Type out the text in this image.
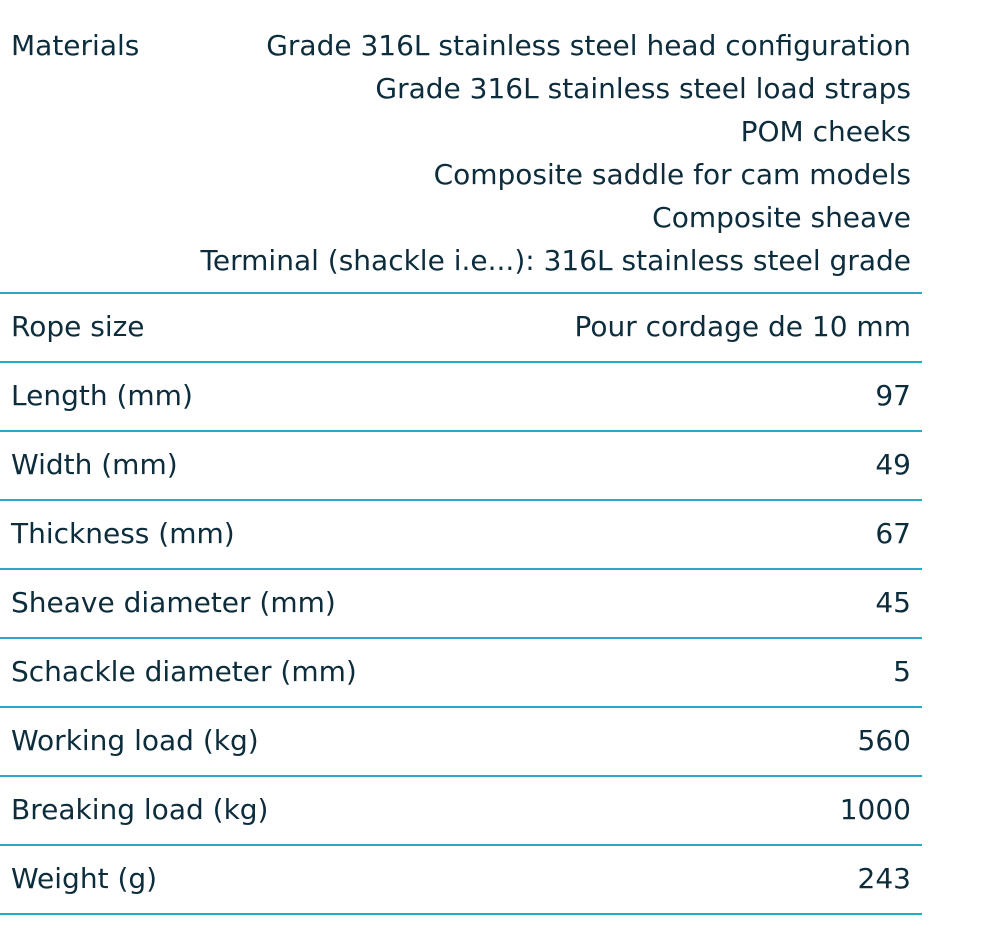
Materials	Grade 316L stainless steel head configuration
Grade 316L stainless steel load straps
POM cheeks
Composite saddle for cam models
Composite sheave
Terminal (shackle i.e...): 316L stainless steel grade
Rope size	Pour cordage de 10 mm
Length (mm)	97
Width (mm)	49
Thickness (mm)	67
Sheave diameter (mm)	45
Schackle diameter (mm)	5
Working load (kg)	560
Breaking load (kg)	1000
Weight (g)	243
